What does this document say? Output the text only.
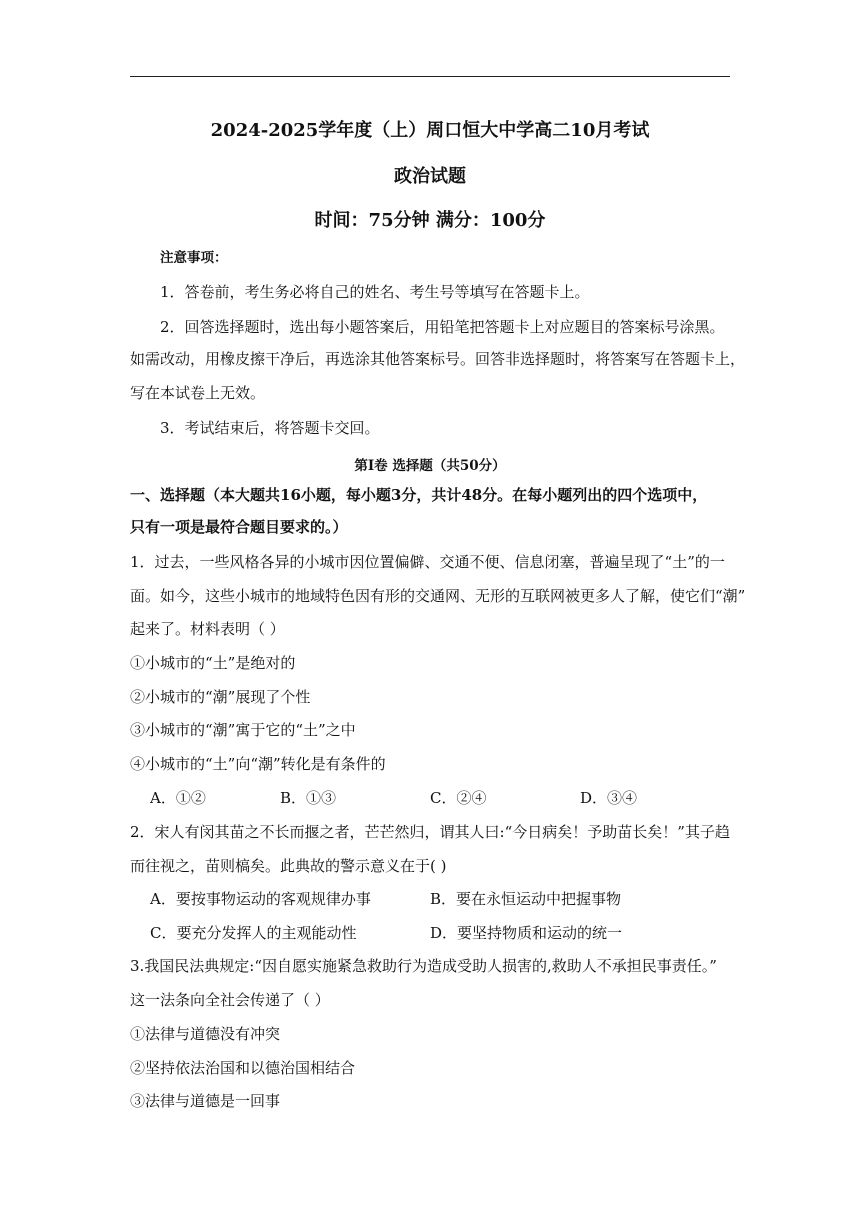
2024-2025学年度（上）周口恒大中学高二10月考试
政治试题
时间：75分钟 满分：100分
注意事项：
1．答卷前，考生务必将自己的姓名、考生号等填写在答题卡上。
2．回答选择题时，选出每小题答案后，用铅笔把答题卡上对应题目的答案标号涂黑。
如需改动，用橡皮擦干净后，再选涂其他答案标号。回答非选择题时，将答案写在答题卡上，
写在本试卷上无效。
3．考试结束后，将答题卡交回。
第Ⅰ卷 选择题（共50分）
一、选择题（本大题共16小题，每小题3分，共计48分。在每小题列出的四个选项中，
只有一项是最符合题目要求的。）
1．过去，一些风格各异的小城市因位置偏僻、交通不便、信息闭塞，普遍呈现了“土”的一
面。如今，这些小城市的地域特色因有形的交通网、无形的互联网被更多人了解，使它们“潮”
起来了。材料表明（ ）
①小城市的“土”是绝对的
②小城市的“潮”展现了个性
③小城市的“潮”寓于它的“土”之中
④小城市的“土”向“潮”转化是有条件的
A．①②	B．①③	C．②④	D．③④
2．宋人有闵其苗之不长而揠之者，芒芒然归，谓其人曰:“今日病矣！予助苗长矣！”其子趋
而往视之，苗则槁矣。此典故的警示意义在于( )
A．要按事物运动的客观规律办事	B．要在永恒运动中把握事物
C．要充分发挥人的主观能动性	D．要坚持物质和运动的统一
3.我国民法典规定:“因自愿实施紧急救助行为造成受助人损害的,救助人不承担民事责任。”
这一法条向全社会传递了（ ）
①法律与道德没有冲突
②坚持依法治国和以德治国相结合
③法律与道德是一回事
